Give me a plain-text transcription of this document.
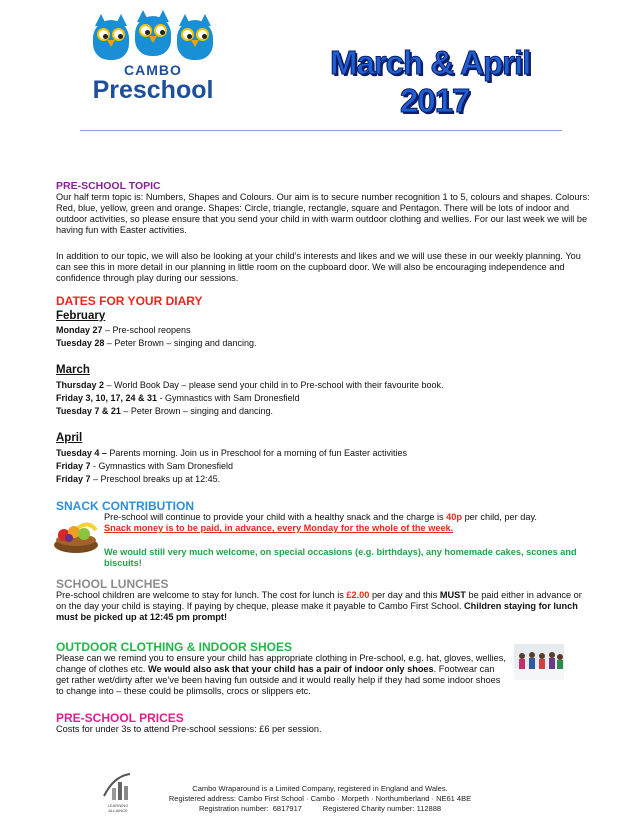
CAMBO
Preschool
March & April
2017
PRE-SCHOOL TOPIC
Our half term topic is: Numbers, Shapes and Colours. Our aim is to secure number recognition 1 to 5, colours and shapes. Colours: Red, blue, yellow, green and orange. Shapes: Circle, triangle, rectangle, square and Pentagon. There will be lots of indoor and outdoor activities, so please ensure that you send your child in with warm outdoor clothing and wellies. For our last week we will be having fun with Easter activities.
In addition to our topic, we will also be looking at your child’s interests and likes and we will use these in our weekly planning. You can see this in more detail in our planning in little room on the cupboard door. We will also be encouraging independence and confidence through play during our sessions.
DATES FOR YOUR DIARY
February
Monday 27 – Pre-school reopens
Tuesday 28 – Peter Brown – singing and dancing.
March
Thursday 2 – World Book Day – please send your child in to Pre-school with their favourite book.
Friday 3, 10, 17, 24 & 31 - Gymnastics with Sam Dronesfield
Tuesday 7 & 21 – Peter Brown – singing and dancing.
April
Tuesday 4 – Parents morning. Join us in Preschool for a morning of fun Easter activities
Friday 7 - Gymnastics with Sam Dronesfield
Friday 7 – Preschool breaks up at 12:45.
SNACK CONTRIBUTION
Pre-school will continue to provide your child with a healthy snack and the charge is 40p per child, per day.
Snack money is to be paid, in advance, every Monday for the whole of the week.
We would still very much welcome, on special occasions (e.g. birthdays), any homemade cakes, scones and biscuits!
SCHOOL LUNCHES
Pre-school children are welcome to stay for lunch. The cost for lunch is £2.00 per day and this MUST be paid either in advance or on the day your child is staying. If paying by cheque, please make it payable to Cambo First School. Children staying for lunch must be picked up at 12:45 pm prompt!
OUTDOOR CLOTHING & INDOOR SHOES
Please can we remind you to ensure your child has appropriate clothing in Pre-school, e.g. hat, gloves, wellies, change of clothes etc. We would also ask that your child has a pair of indoor only shoes. Footwear can get rather wet/dirty after we’ve been having fun outside and it would really help if they had some indoor shoes to change into – these could be plimsolls, crocs or slippers etc.
PRE-SCHOOL PRICES
Costs for under 3s to attend Pre-school sessions: £6 per session.
LEARNING
ALLIANCE
Cambo Wraparound is a Limited Company, registered in England and Wales.
Registered address: Cambo First School · Cambo · Morpeth · Northumberland · NE61 4BE
Registration number:  6817917          Registered Charity number: 112888
